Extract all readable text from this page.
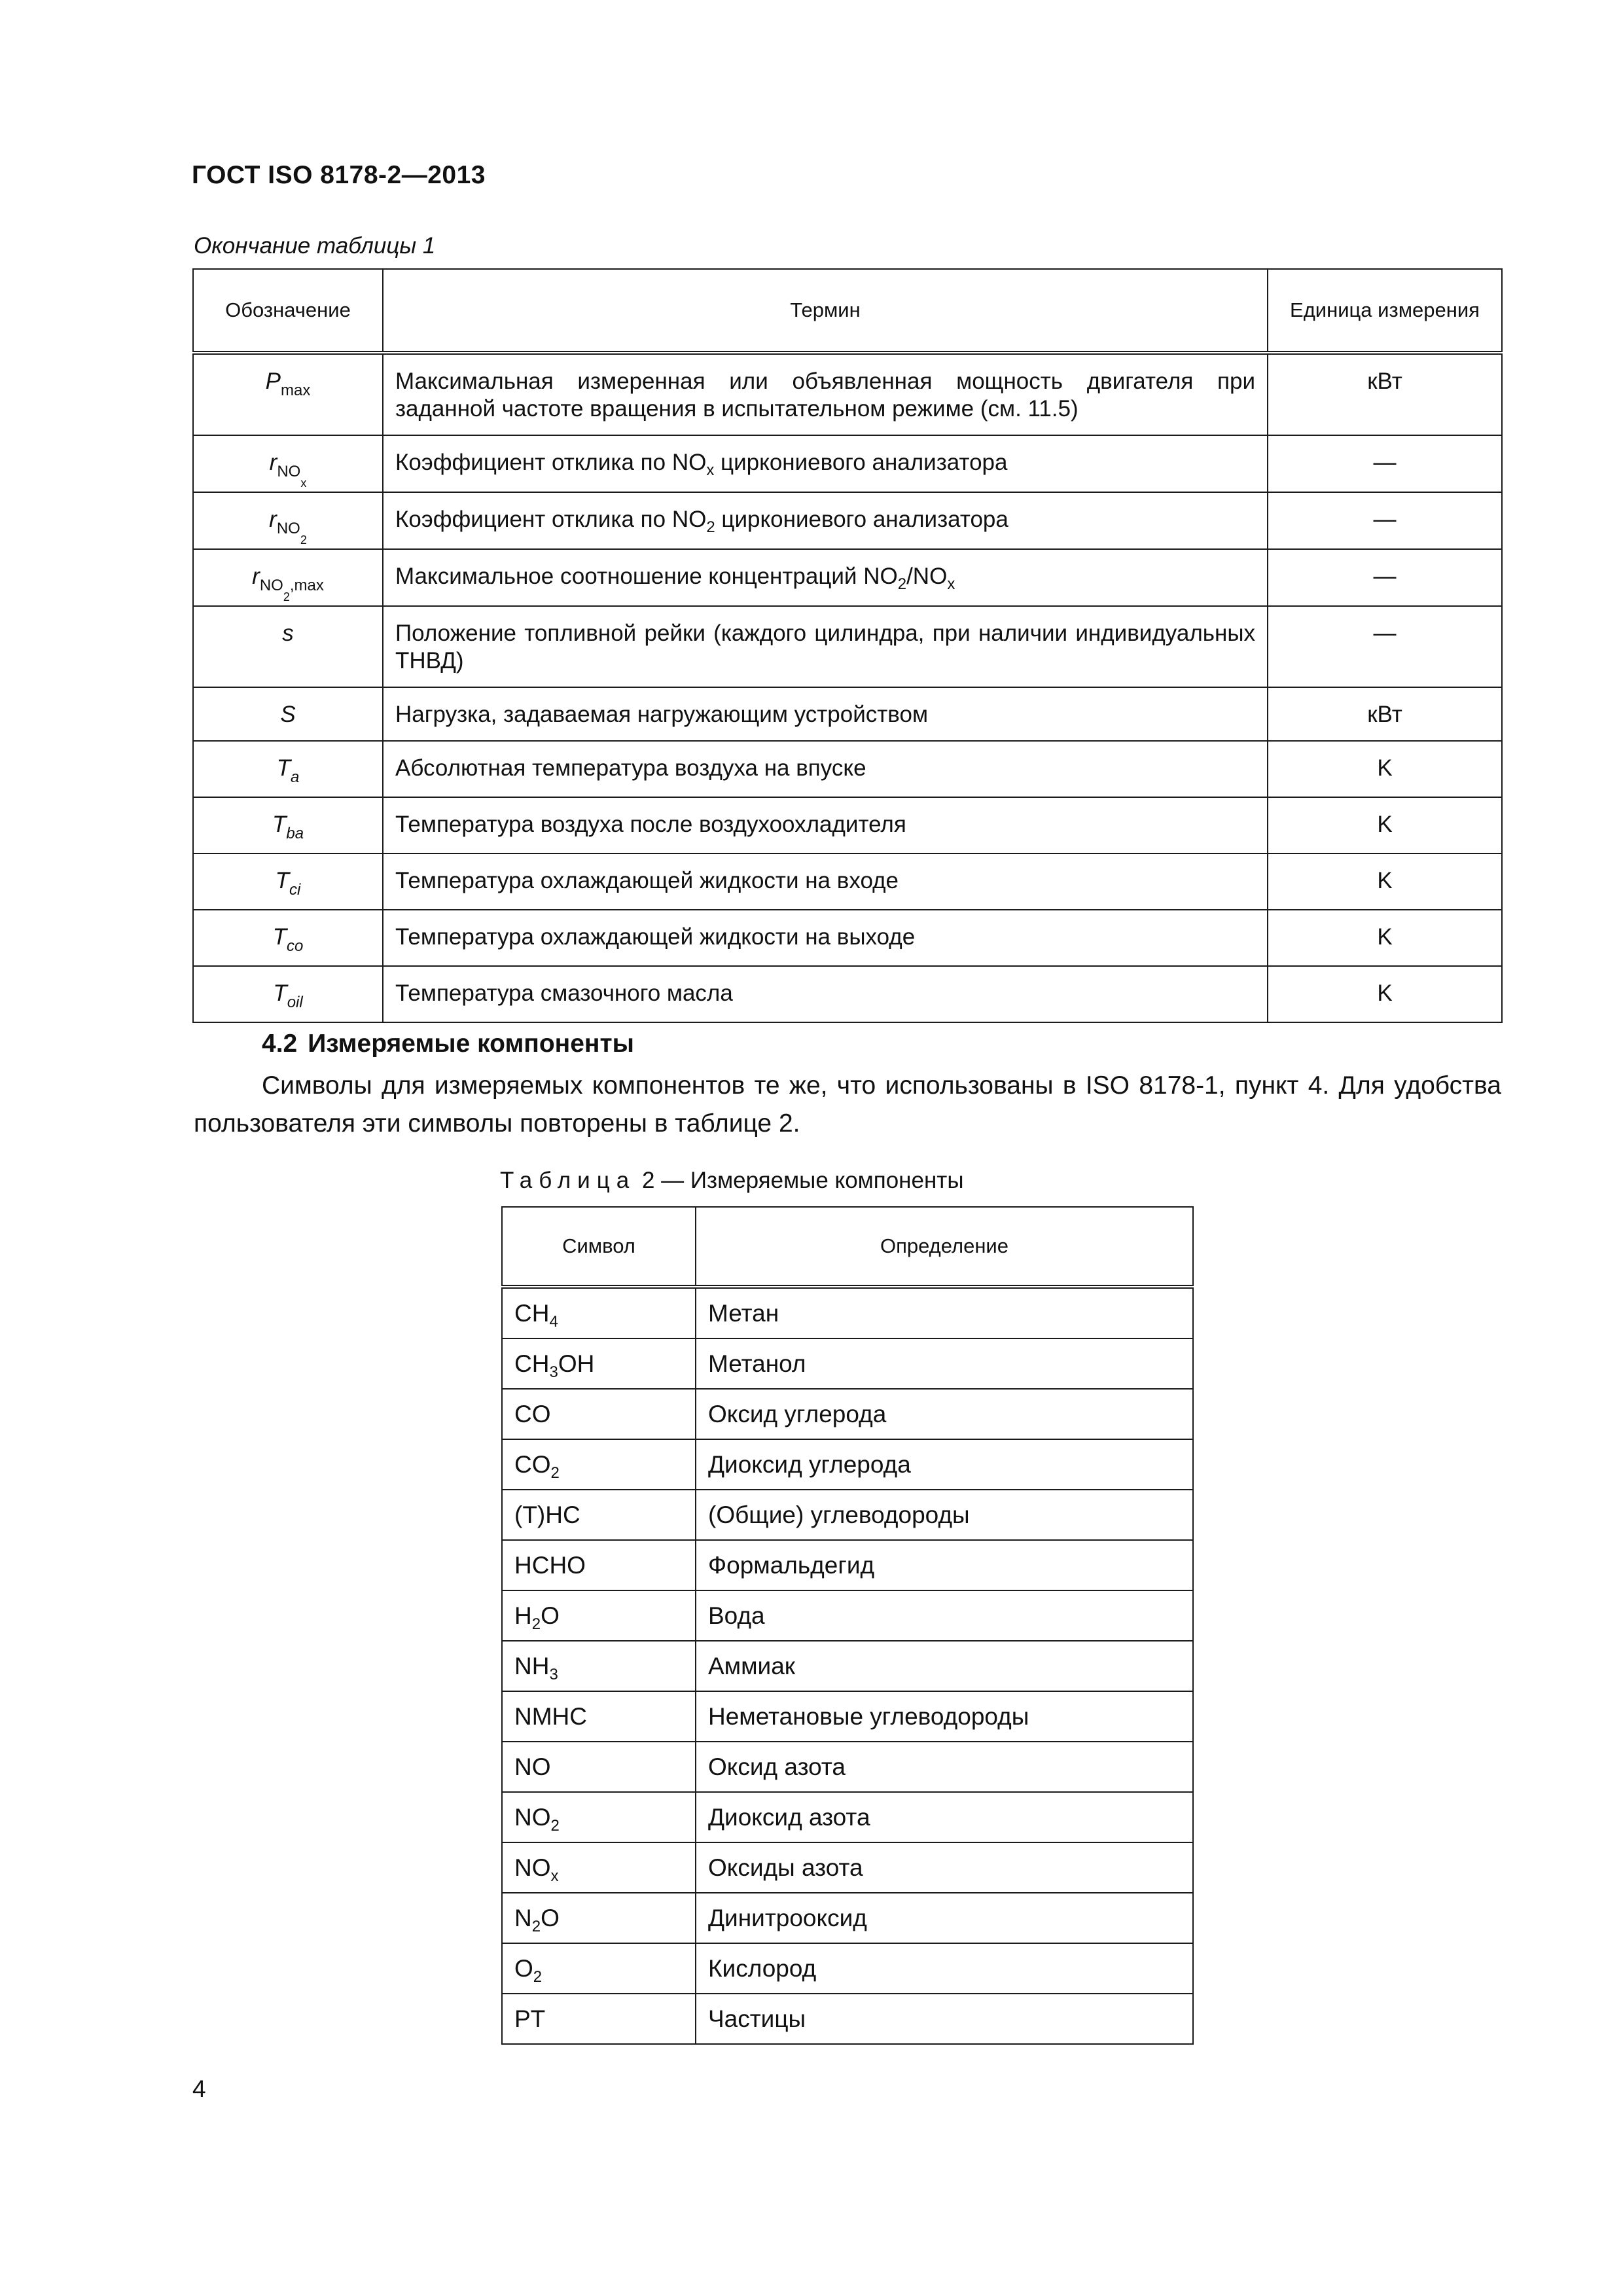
ГОСТ ISO 8178-2—2013
Окончание таблицы 1
Обозначение	Термин	Единица измерения
$P_{max}$	Максимальная измеренная или объявленная мощность двигателя при заданной частоте вращения в испытательном режиме (см. 11.5)	кВт
$r_{NO_x}$	Коэффициент отклика по $NO_x$ циркониевого анализатора	—
$r_{NO_2}$	Коэффициент отклика по $NO_2$ циркониевого анализатора	—
$r_{NO_2,max}$	Максимальное соотношение концентраций $NO_2/NO_x$	—
s	Положение топливной рейки (каждого цилиндра, при наличии индивидуальных ТНВД)	—
S	Нагрузка, задаваемая нагружающим устройством	кВт
$T_a$	Абсолютная температура воздуха на впуске	K
$T_{ba}$	Температура воздуха после воздухоохладителя	K
$T_{ci}$	Температура охлаждающей жидкости на входе	K
$T_{co}$	Температура охлаждающей жидкости на выходе	K
$T_{oil}$	Температура смазочного масла	K
4.2 Измеряемые компоненты
Символы для измеряемых компонентов те же, что использованы в ISO 8178-1, пункт 4. Для удобства пользователя эти символы повторены в таблице 2.
Таблица 2 — Измеряемые компоненты
Символ	Определение
$CH_4$	Метан
$CH_3OH$	Метанол
CO	Оксид углерода
$CO_2$	Диоксид углерода
(T)HC	(Общие) углеводороды
HCHO	Формальдегид
$H_2O$	Вода
$NH_3$	Аммиак
NMHC	Неметановые углеводороды
NO	Оксид азота
$NO_2$	Диоксид азота
$NO_x$	Оксиды азота
$N_2O$	Динитрооксид
$O_2$	Кислород
PT	Частицы
4
